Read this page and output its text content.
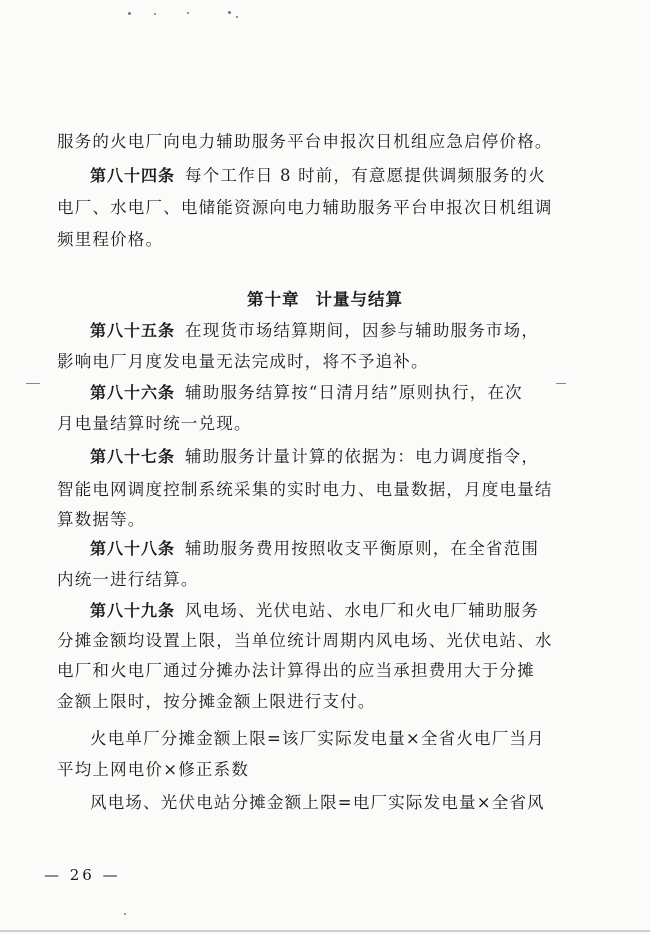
服务的火电厂向电力辅助服务平台申报次日机组应急启停价格。
第八十四条 每个工作日 8 时前，有意愿提供调频服务的火
电厂、水电厂、电储能资源向电力辅助服务平台申报次日机组调
频里程价格。
第十章 计量与结算
第八十五条 在现货市场结算期间，因参与辅助服务市场，
影响电厂月度发电量无法完成时，将不予追补。
第八十六条 辅助服务结算按“日清月结”原则执行，在次
月电量结算时统一兑现。
第八十七条 辅助服务计量计算的依据为：电力调度指令，
智能电网调度控制系统采集的实时电力、电量数据，月度电量结
算数据等。
第八十八条 辅助服务费用按照收支平衡原则，在全省范围
内统一进行结算。
第八十九条 风电场、光伏电站、水电厂和火电厂辅助服务
分摊金额均设置上限，当单位统计周期内风电场、光伏电站、水
电厂和火电厂通过分摊办法计算得出的应当承担费用大于分摊
金额上限时，按分摊金额上限进行支付。
火电单厂分摊金额上限=该厂实际发电量×全省火电厂当月
平均上网电价×修正系数
风电场、光伏电站分摊金额上限=电厂实际发电量×全省风
— 26 —
